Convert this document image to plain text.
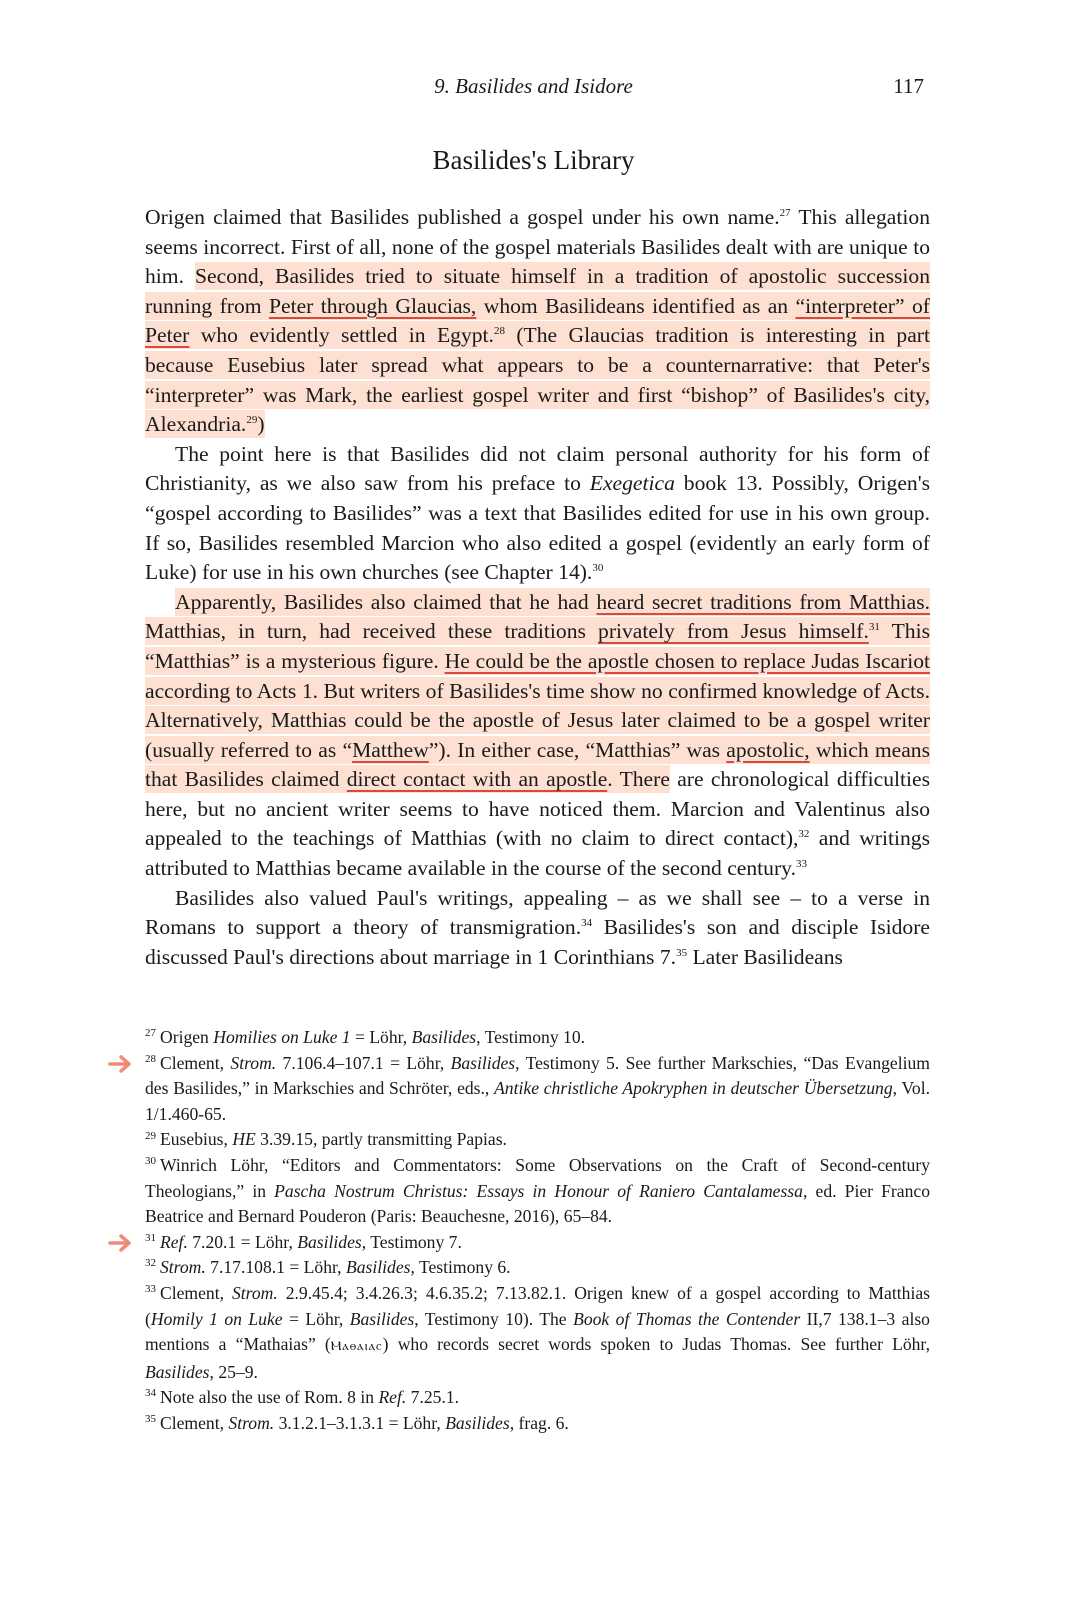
9. Basilides and Isidore	117
Basilides's Library

Origen claimed that Basilides published a gospel under his own name.$^{27}$ This allegation seems incorrect. First of all, none of the gospel materials Basilides dealt with are unique to him. Second, Basilides tried to situate himself in a tradition of apostolic succession running from Peter through Glaucias, whom Basilideans identified as an “interpreter” of Peter who evidently settled in Egypt.$^{28}$ (The Glaucias tradition is interesting in part because Eusebius later spread what appears to be a counternarrative: that Peter's “interpreter” was Mark, the earliest gospel writer and first “bishop” of Basilides's city, Alexandria.$^{29}$)

The point here is that Basilides did not claim personal authority for his form of Christianity, as we also saw from his preface to Exegetica book 13. Possibly, Origen's “gospel according to Basilides” was a text that Basilides edited for use in his own group. If so, Basilides resembled Marcion who also edited a gospel (evidently an early form of Luke) for use in his own churches (see Chapter 14).$^{30}$

Apparently, Basilides also claimed that he had heard secret traditions from Matthias. Matthias, in turn, had received these traditions privately from Jesus himself.$^{31}$ This “Matthias” is a mysterious figure. He could be the apostle chosen to replace Judas Iscariot according to Acts 1. But writers of Basilides's time show no confirmed knowledge of Acts. Alternatively, Matthias could be the apostle of Jesus later claimed to be a gospel writer (usually referred to as “Matthew”). In either case, “Matthias” was apostolic, which means that Basilides claimed direct contact with an apostle. There are chronological difficulties here, but no ancient writer seems to have noticed them. Marcion and Valentinus also appealed to the teachings of Matthias (with no claim to direct contact),$^{32}$ and writings attributed to Matthias became available in the course of the second century.$^{33}$

Basilides also valued Paul's writings, appealing – as we shall see – to a verse in Romans to support a theory of transmigration.$^{34}$ Basilides's son and disciple Isidore discussed Paul's directions about marriage in 1 Corinthians 7.35 Later Basilideans

$^{27}$ Origen Homilies on Luke 1 = Löhr, Basilides, Testimony 10.

$^{28}$ Clement, Strom. 7.106.4–107.1 = Löhr, Basilides, Testimony 5. See further Markschies, “Das Evangelium des Basilides,” in Markschies and Schröter, eds., Antike christliche Apokryphen in deutscher Übersetzung, Vol. 1/1.460-65.

$^{29}$ Eusebius, HE 3.39.15, partly transmitting Papias.

$^{30}$ Winrich Löhr, “Editors and Commentators: Some Observations on the Craft of Second-century Theologians,” in Pascha Nostrum Christus: Essays in Honour of Raniero Cantalamessa, ed. Pier Franco Beatrice and Bernard Pouderon (Paris: Beauchesne, 2016), 65–84.

$^{31}$ Ref. 7.20.1 = Löhr, Basilides, Testimony 7.

$^{32}$ Strom. 7.17.108.1 = Löhr, Basilides, Testimony 6.

$^{33}$ Clement, Strom. 2.9.45.4; 3.4.26.3; 4.6.35.2; 7.13.82.1. Origen knew of a gospel according to Matthias (Homily 1 on Luke = Löhr, Basilides, Testimony 10). The Book of Thomas the Contender II,7 138.1–3 also mentions a “Mathaias” (Ⲙⲁⲑⲁⲓⲁⲥ) who records secret words spoken to Judas Thomas. See further Löhr, Basilides, 25–9.

$^{34}$ Note also the use of Rom. 8 in Ref. 7.25.1.

$^{35}$ Clement, Strom. 3.1.2.1–3.1.3.1 = Löhr, Basilides, frag. 6.
